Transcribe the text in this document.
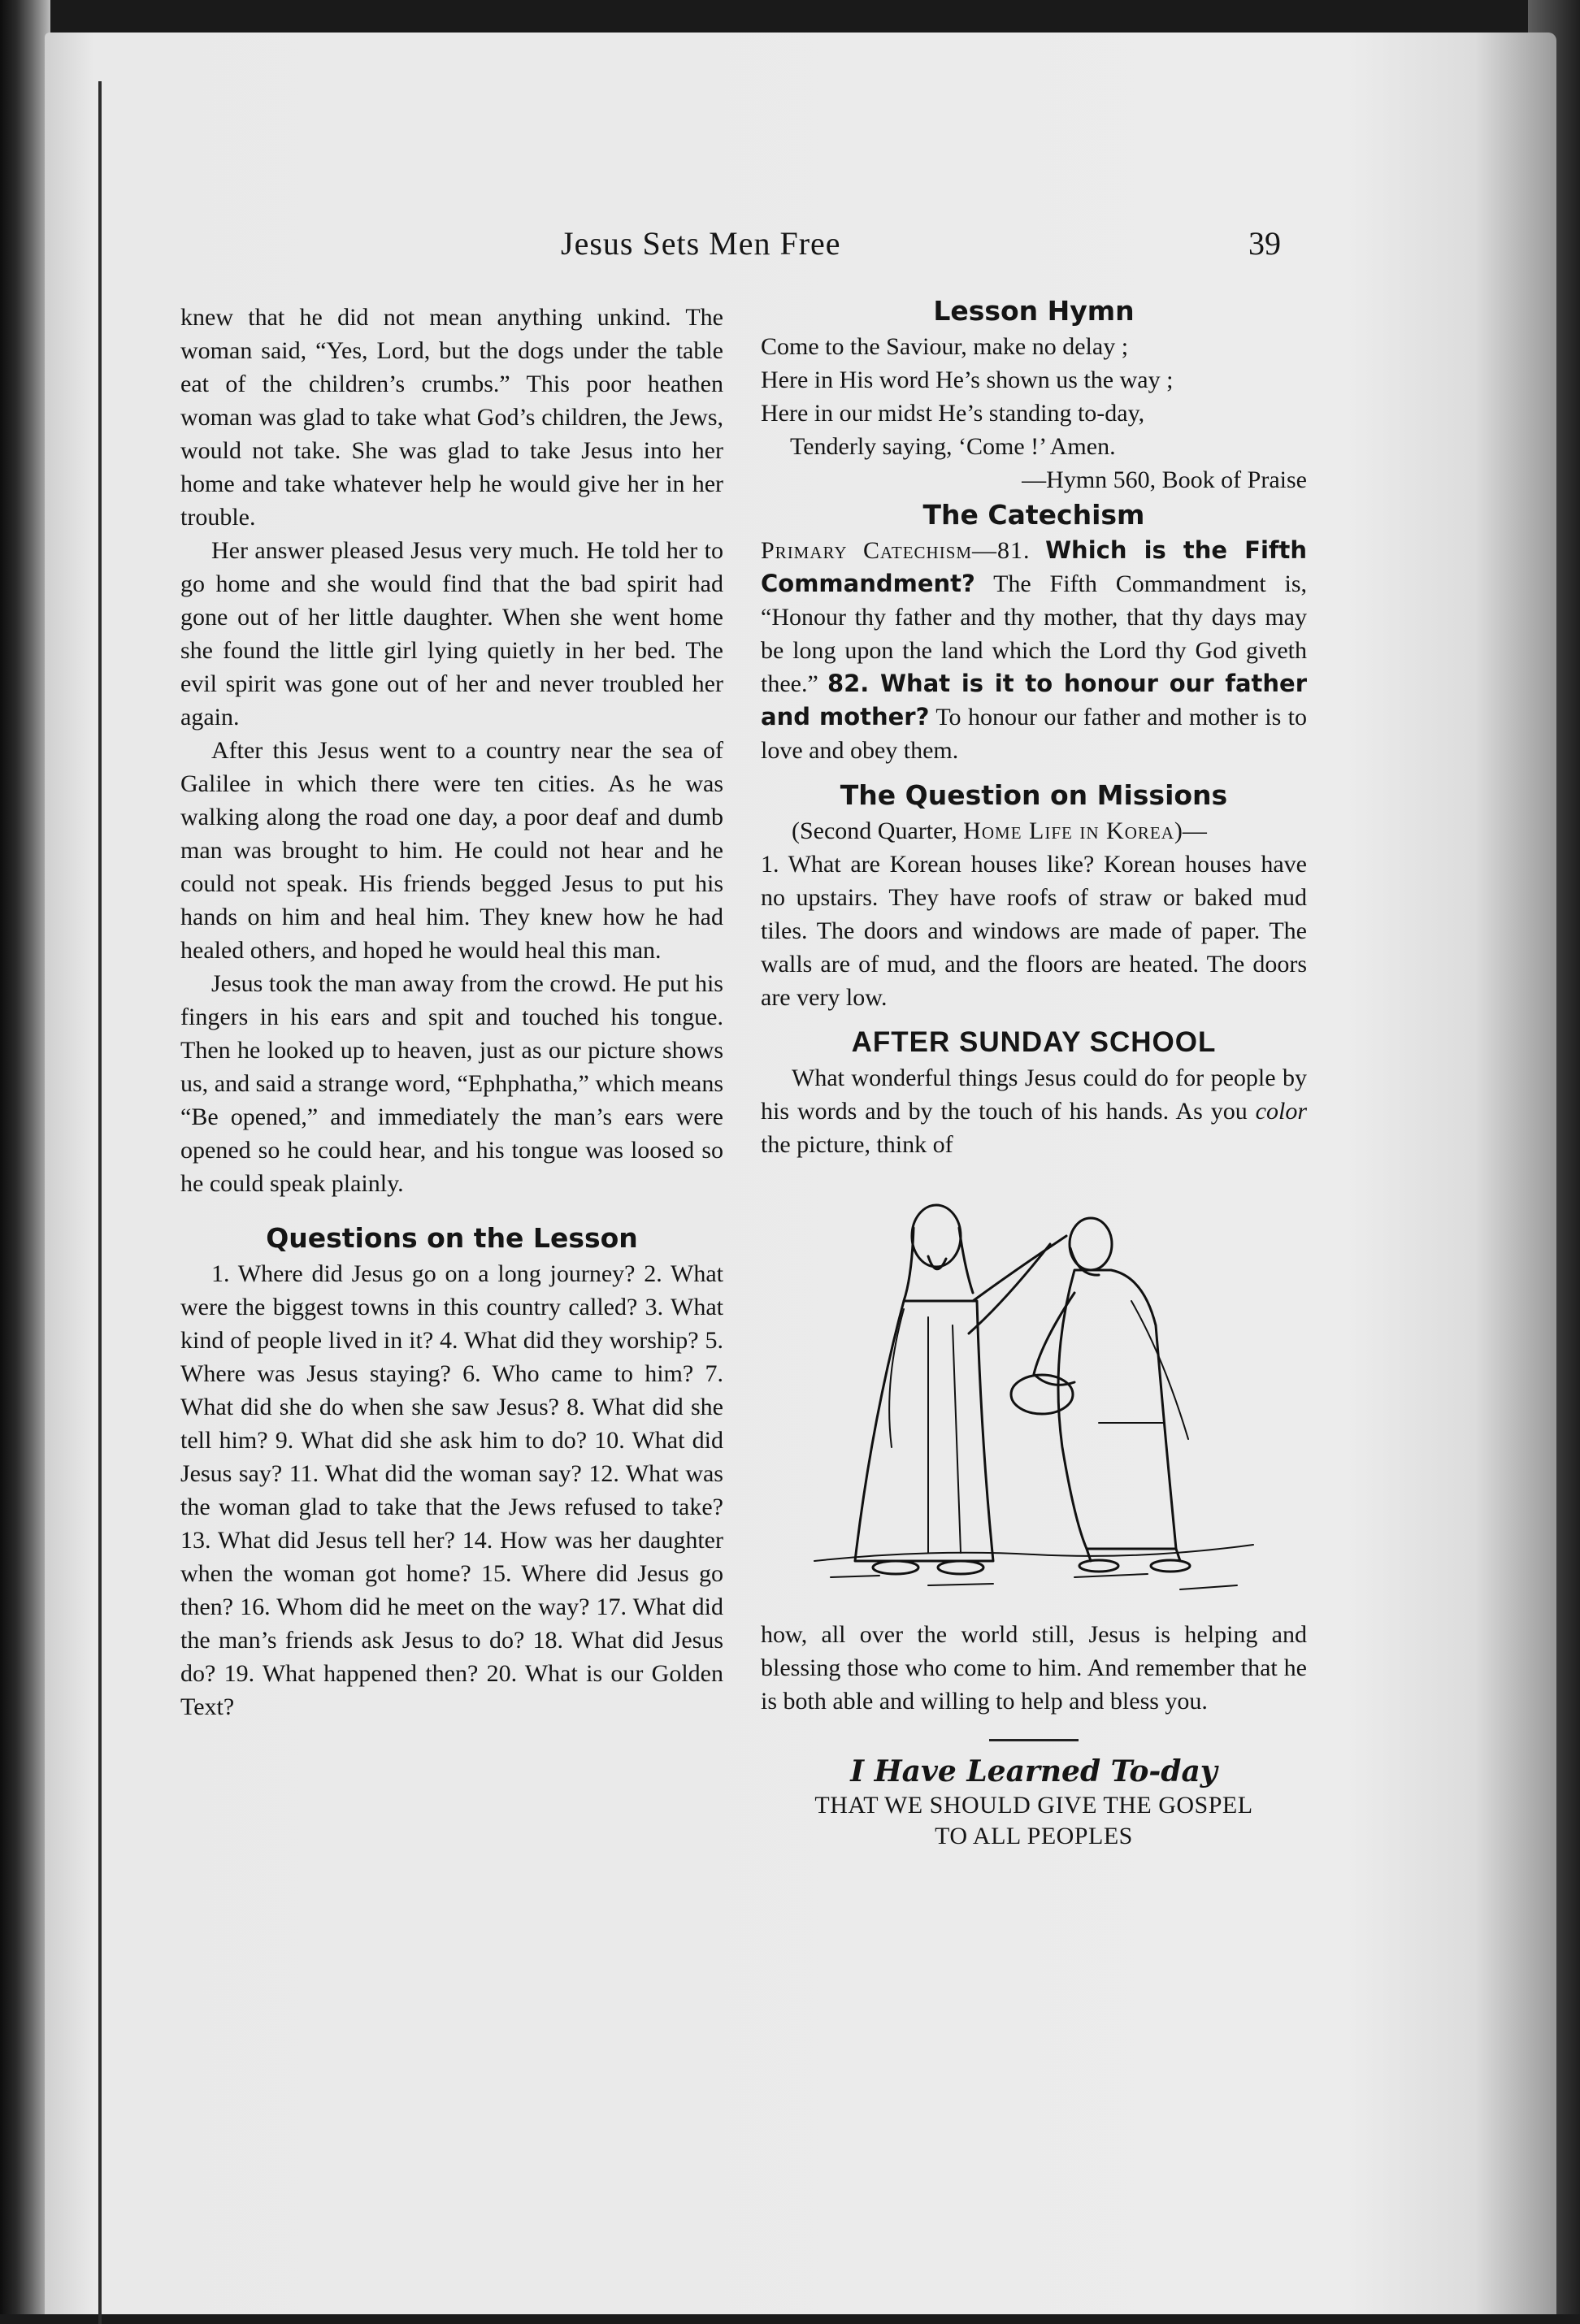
Jesus Sets Men Free	39

knew that he did not mean anything unkind. The woman said, “Yes, Lord, but the dogs under the table eat of the children’s crumbs.” This poor heathen woman was glad to take what God’s children, the Jews, would not take. She was glad to take Jesus into her home and take whatever help he would give her in her trouble.

Her answer pleased Jesus very much. He told her to go home and she would find that the bad spirit had gone out of her little daughter. When she went home she found the little girl lying quietly in her bed. The evil spirit was gone out of her and never troubled her again.

After this Jesus went to a country near the sea of Galilee in which there were ten cities. As he was walking along the road one day, a poor deaf and dumb man was brought to him. He could not hear and he could not speak. His friends begged Jesus to put his hands on him and heal him. They knew how he had healed others, and hoped he would heal this man.

Jesus took the man away from the crowd. He put his fingers in his ears and spit and touched his tongue. Then he looked up to heaven, just as our picture shows us, and said a strange word, “Ephphatha,” which means “Be opened,” and immediately the man’s ears were opened so he could hear, and his tongue was loosed so he could speak plainly.

Questions on the Lesson

1. Where did Jesus go on a long journey? 2. What were the biggest towns in this country called? 3. What kind of people lived in it? 4. What did they worship? 5. Where was Jesus staying? 6. Who came to him? 7. What did she do when she saw Jesus? 8. What did she tell him? 9. What did she ask him to do? 10. What did Jesus say? 11. What did the woman say? 12. What was the woman glad to take that the Jews refused to take? 13. What did Jesus tell her? 14. How was her daughter when the woman got home? 15. Where did Jesus go then? 16. Whom did he meet on the way? 17. What did the man’s friends ask Jesus to do? 18. What did Jesus do? 19. What happened then? 20. What is our Golden Text?

Lesson Hymn
Come to the Saviour, make no delay ;
Here in His word He’s shown us the way ;
Here in our midst He’s standing to-day,
Tenderly saying, ‘Come !’ Amen.
—Hymn 560, Book of Praise
The Catechism

Primary Catechism—81. Which is the Fifth Commandment? The Fifth Commandment is, “Honour thy father and thy mother, that thy days may be long upon the land which the Lord thy God giveth thee.” 82. What is it to honour our father and mother? To honour our father and mother is to love and obey them.

The Question on Missions

(Second Quarter, Home Life in Korea)—

1. What are Korean houses like? Korean houses have no upstairs. They have roofs of straw or baked mud tiles. The doors and windows are made of paper. The walls are of mud, and the floors are heated. The doors are very low.

AFTER SUNDAY SCHOOL

What wonderful things Jesus could do for people by his words and by the touch of his hands. As you color the picture, think of

how, all over the world still, Jesus is helping and blessing those who come to him. And remember that he is both able and willing to help and bless you.

I Have Learned To-day
THAT WE SHOULD GIVE THE GOSPEL
TO ALL PEOPLES
